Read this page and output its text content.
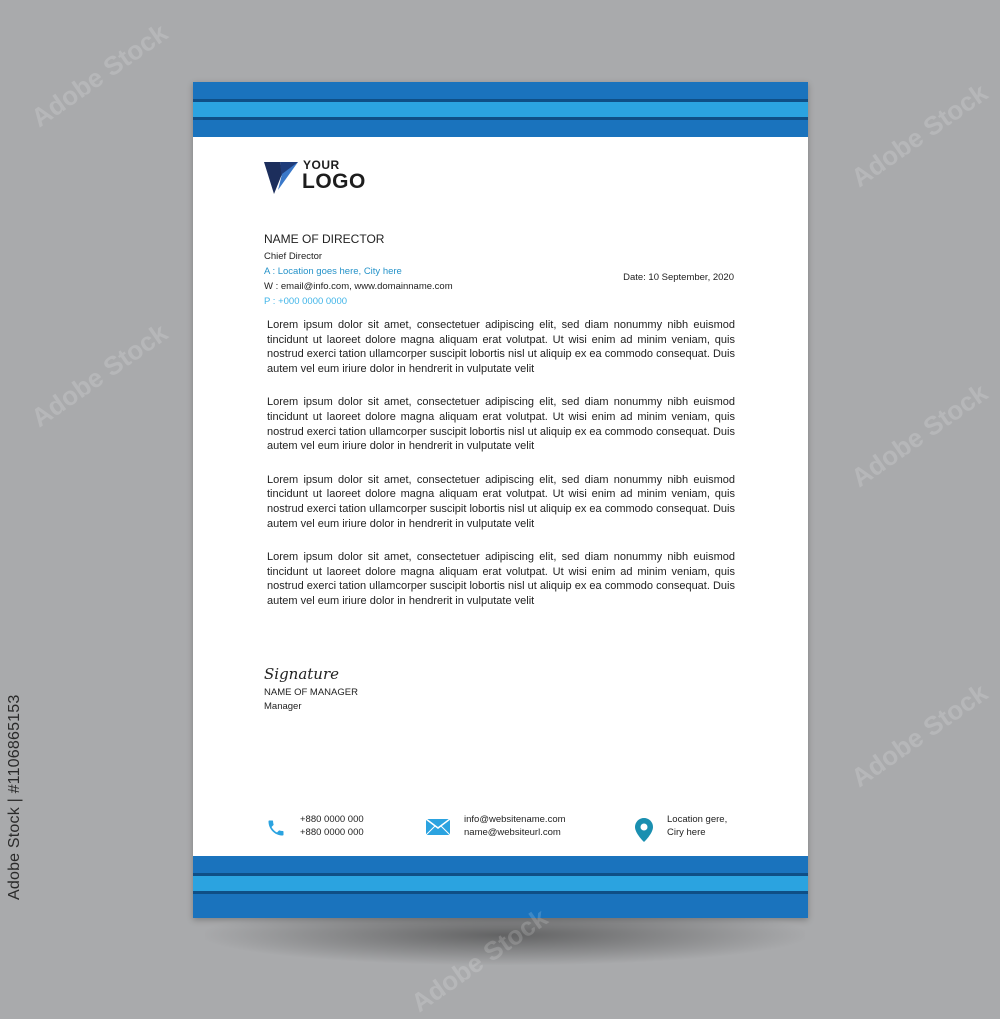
Adobe Stock | #1106865153
YOUR
LOGO
NAME OF DIRECTOR
Chief Director
A : Location goes here, City here
W : email@info.com, www.domainname.com
P : +000 0000 0000
Date: 10 September, 2020

Lorem ipsum dolor sit amet, consectetuer adipiscing elit, sed diam nonummy nibh euismod tincidunt ut laoreet dolore magna aliquam erat volutpat. Ut wisi enim ad minim veniam, quis nostrud exerci tation ullamcorper suscipit lobortis nisl ut aliquip ex ea commodo consequat. Duis autem vel eum iriure dolor in hendrerit in vulputate velit

Lorem ipsum dolor sit amet, consectetuer adipiscing elit, sed diam nonummy nibh euismod tincidunt ut laoreet dolore magna aliquam erat volutpat. Ut wisi enim ad minim veniam, quis nostrud exerci tation ullamcorper suscipit lobortis nisl ut aliquip ex ea commodo consequat. Duis autem vel eum iriure dolor in hendrerit in vulputate velit

Lorem ipsum dolor sit amet, consectetuer adipiscing elit, sed diam nonummy nibh euismod tincidunt ut laoreet dolore magna aliquam erat volutpat. Ut wisi enim ad minim veniam, quis nostrud exerci tation ullamcorper suscipit lobortis nisl ut aliquip ex ea commodo consequat. Duis autem vel eum iriure dolor in hendrerit in vulputate velit

Lorem ipsum dolor sit amet, consectetuer adipiscing elit, sed diam nonummy nibh euismod tincidunt ut laoreet dolore magna aliquam erat volutpat. Ut wisi enim ad minim veniam, quis nostrud exerci tation ullamcorper suscipit lobortis nisl ut aliquip ex ea commodo consequat. Duis autem vel eum iriure dolor in hendrerit in vulputate velit

Signature
NAME OF MANAGER
Manager
+880 0000 000
+880 0000 000
info@websitename.com
name@websiteurl.com
Location gere,
Ciry here
Adobe Stock
Adobe Stock
Adobe Stock
Adobe Stock
Adobe Stock
